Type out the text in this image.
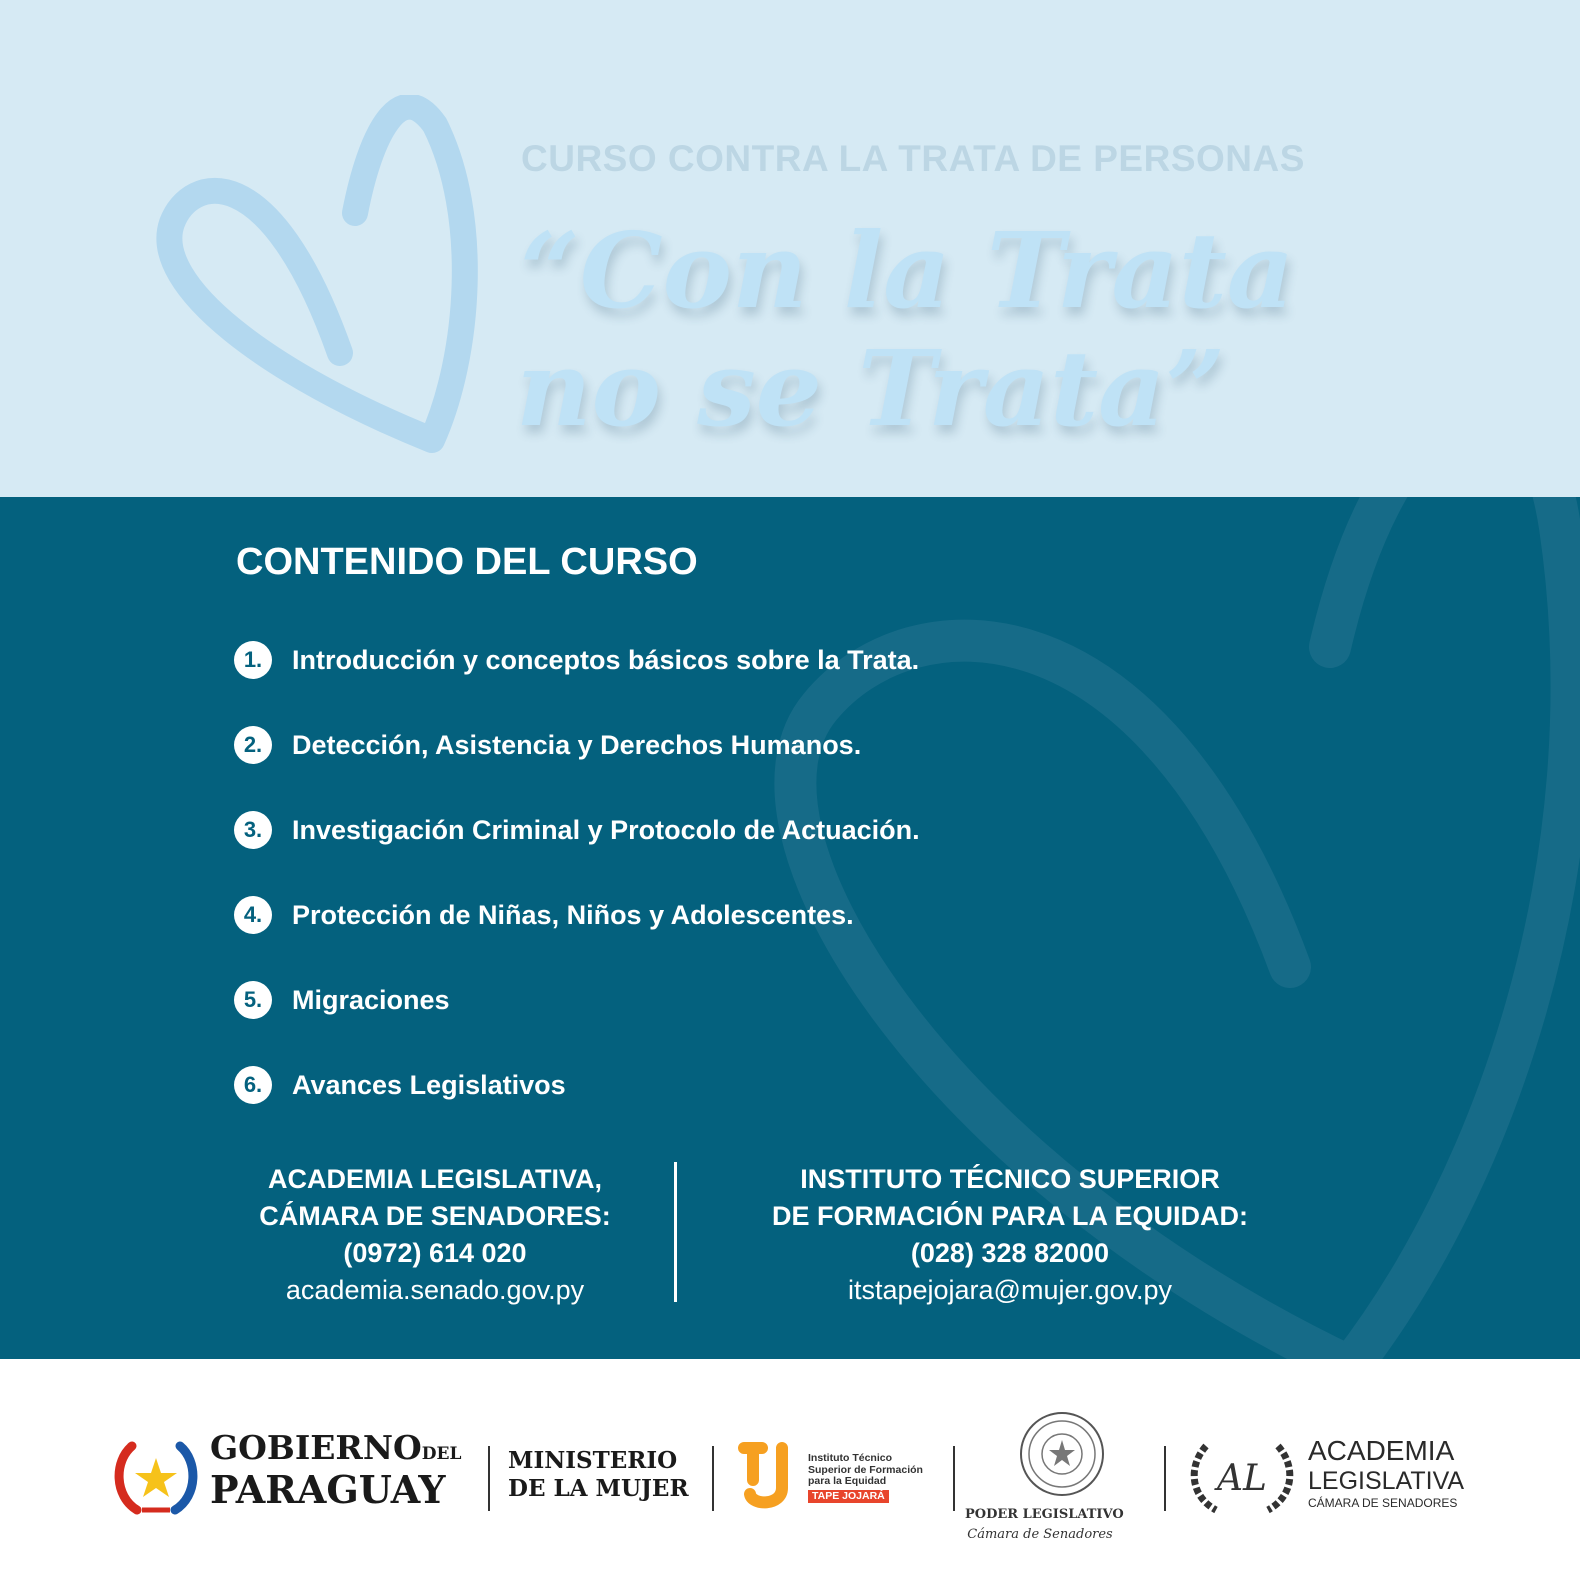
CURSO CONTRA LA TRATA DE PERSONAS
“Con la Trata
no se Trata”
CONTENIDO DEL CURSO
1.	Introducción y conceptos básicos sobre la Trata.
2.	Detección, Asistencia y Derechos Humanos.
3.	Investigación Criminal y Protocolo de Actuación.
4.	Protección de Niñas, Niños y Adolescentes.
5.	Migraciones
6.	Avances Legislativos
ACADEMIA LEGISLATIVA,
CÁMARA DE SENADORES:
(0972) 614 020
academia.senado.gov.py
INSTITUTO TÉCNICO SUPERIOR
DE FORMACIÓN PARA LA EQUIDAD:
(028) 328 82000
itstapejojara@mujer.gov.py
GOBIERNODEL
PARAGUAY
MINISTERIO
DE LA MUJER
Instituto Técnico
Superior de Formación
para la Equidad
TAPE JOJARÁ
PODER LEGISLATIVO
Cámara de Senadores
AL
ACADEMIA
LEGISLATIVA
CÁMARA DE SENADORES
